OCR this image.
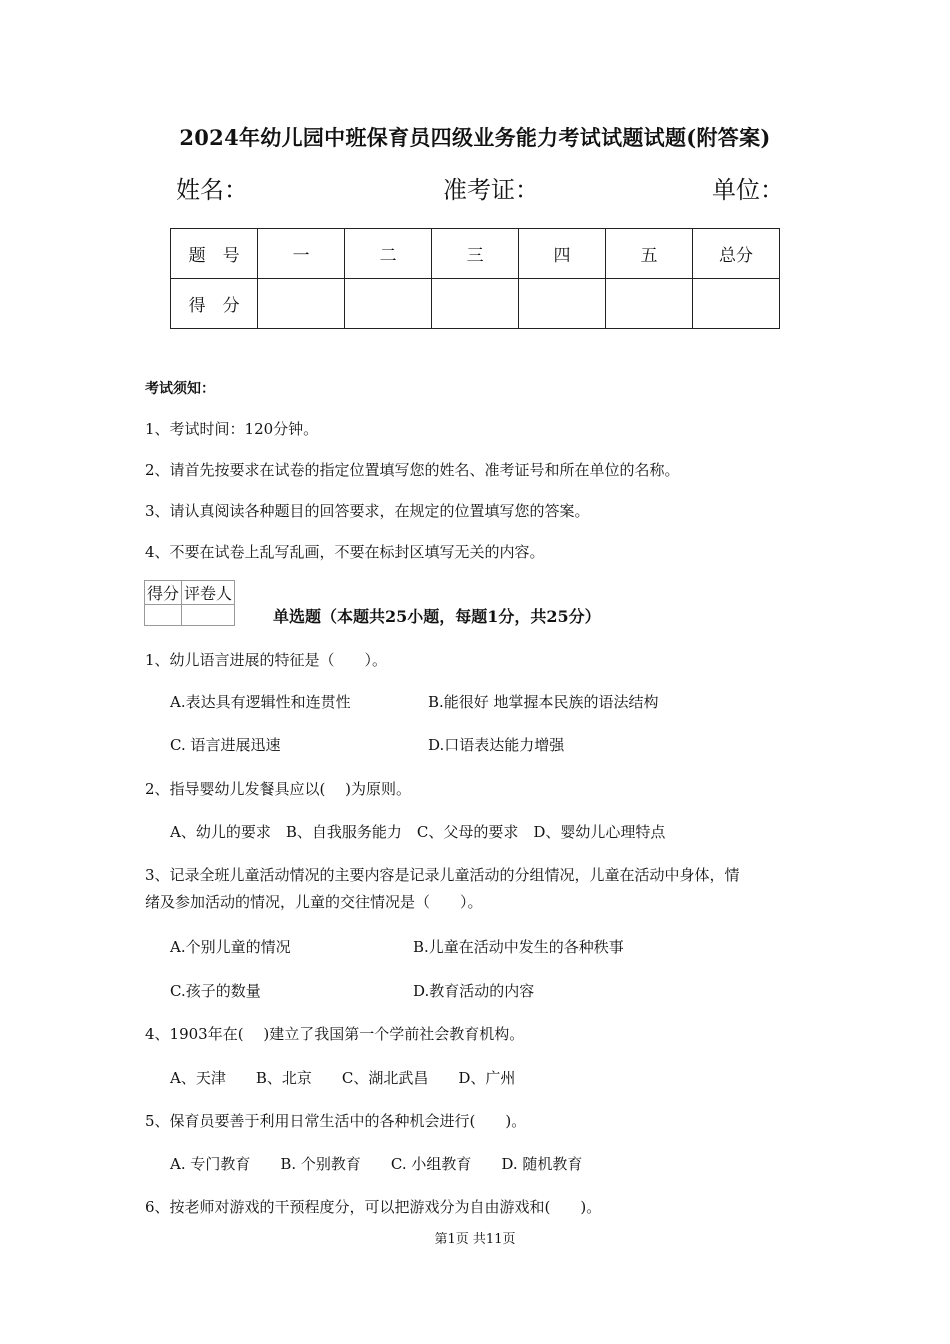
2024年幼儿园中班保育员四级业务能力考试试题试题(附答案)
姓名：	准考证：	单位：
题　号	一	二	三	四	五	总分
得　分						
考试须知：
1、考试时间：120分钟。
2、请首先按要求在试卷的指定位置填写您的姓名、准考证号和所在单位的名称。
3、请认真阅读各种题目的回答要求，在规定的位置填写您的答案。
4、不要在试卷上乱写乱画，不要在标封区填写无关的内容。
得分	评卷人

单选题（本题共25小题，每题1分，共25分）
1、幼儿语言进展的特征是（　　）。
A.表达具有逻辑性和连贯性	B.能很好 地掌握本民族的语法结构
C. 语言进展迅速	D.口语表达能力增强
2、指导婴幼儿发餐具应以(　 )为原则。
A、幼儿的要求　B、自我服务能力　C、父母的要求　D、婴幼儿心理特点
3、记录全班儿童活动情况的主要内容是记录儿童活动的分组情况，儿童在活动中身体，情
绪及参加活动的情况，儿童的交往情况是（　　）。
A.个别儿童的情况	B.儿童在活动中发生的各种秩事
C.孩子的数量	D.教育活动的内容
4、1903年在(　 )建立了我国第一个学前社会教育机构。
A、天津　　B、北京　　C、湖北武昌　　D、广州
5、保育员要善于利用日常生活中的各种机会进行(　　)。
A. 专门教育　　B. 个别教育　　C. 小组教育　　D. 随机教育
6、按老师对游戏的干预程度分，可以把游戏分为自由游戏和(　　)。
第1页 共11页
